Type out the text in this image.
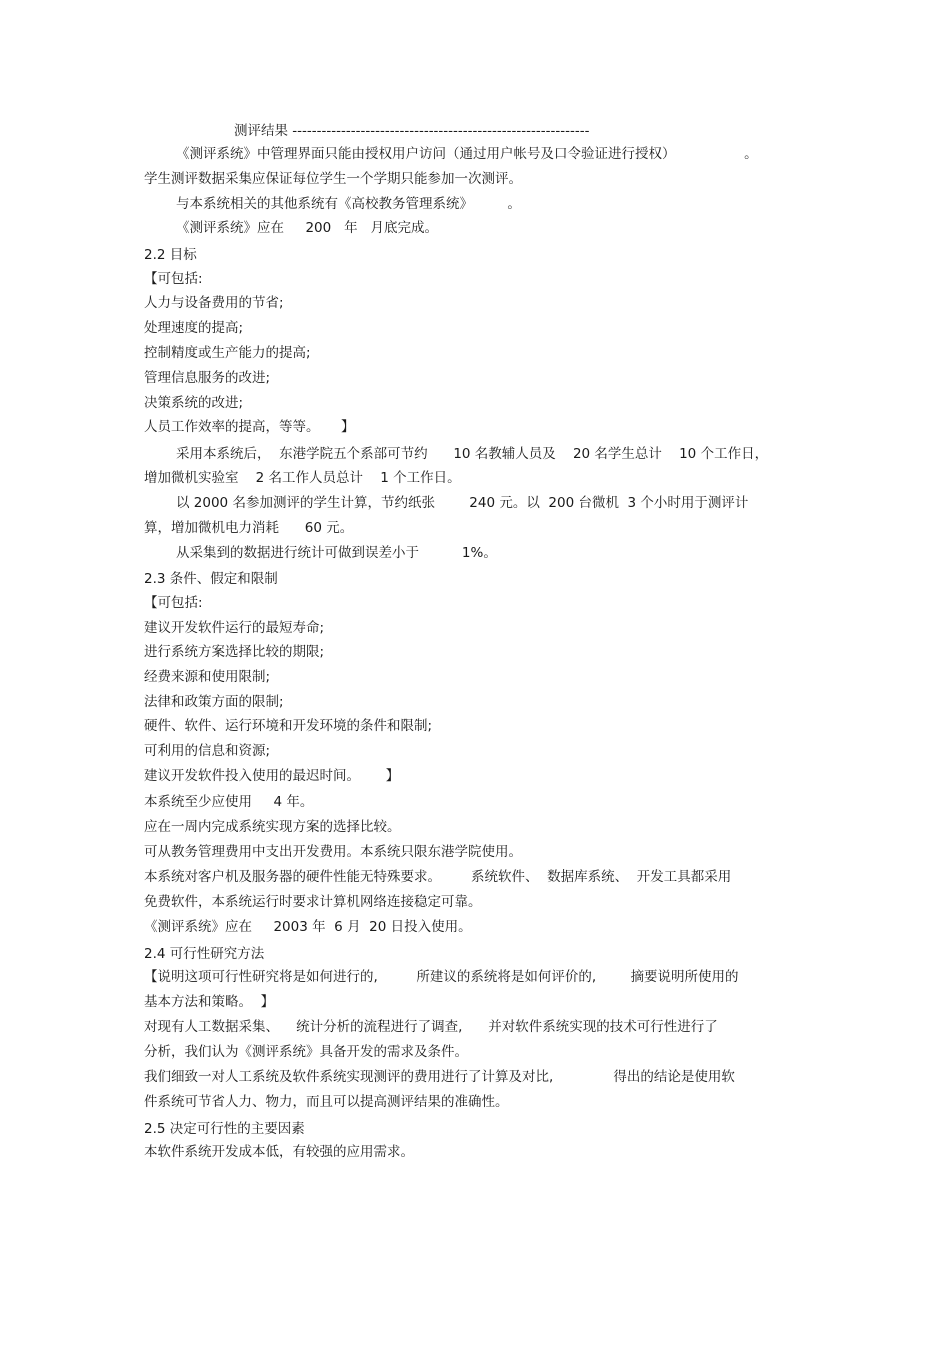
测评结果 -------------------------------------------------------------

《测评系统》中管理界面只能由授权用户访问（通过用户帐号及口令验证进行授权）                。

学生测评数据采集应保证每位学生一个学期只能参加一次测评。

与本系统相关的其他系统有《高校教务管理系统》        。

《测评系统》应在     200   年   月底完成。

2.2 目标

【可包括:

人力与设备费用的节省;

处理速度的提高;

控制精度或生产能力的提高;

管理信息服务的改进;

决策系统的改进;

人员工作效率的提高，等等。     】

采用本系统后，  东港学院五个系部可节约      10 名教辅人员及    20 名学生总计    10 个工作日，

增加微机实验室    2 名工作人员总计    1 个工作日。

以 2000 名参加测评的学生计算，节约纸张        240 元。以  200 台微机  3 个小时用于测评计

算，增加微机电力消耗      60 元。

从采集到的数据进行统计可做到误差小于          1%。

2.3 条件、假定和限制

【可包括:

建议开发软件运行的最短寿命;

进行系统方案选择比较的期限;

经费来源和使用限制;

法律和政策方面的限制;

硬件、软件、运行环境和开发环境的条件和限制;

可利用的信息和资源;

建议开发软件投入使用的最迟时间。      】

本系统至少应使用     4 年。

应在一周内完成系统实现方案的选择比较。

可从教务管理费用中支出开发费用。本系统只限东港学院使用。

本系统对客户机及服务器的硬件性能无特殊要求。       系统软件、  数据库系统、  开发工具都采用

免费软件，本系统运行时要求计算机网络连接稳定可靠。

《测评系统》应在     2003 年  6 月  20 日投入使用。

2.4 可行性研究方法

【说明这项可行性研究将是如何进行的,         所建议的系统将是如何评价的,        摘要说明所使用的

基本方法和策略。  】

对现有人工数据采集、    统计分析的流程进行了调查,      并对软件系统实现的技术可行性进行了

分析，我们认为《测评系统》具备开发的需求及条件。

我们细致一对人工系统及软件系统实现测评的费用进行了计算及对比,              得出的结论是使用软

件系统可节省人力、物力，而且可以提高测评结果的准确性。

2.5 决定可行性的主要因素

本软件系统开发成本低，有较强的应用需求。
